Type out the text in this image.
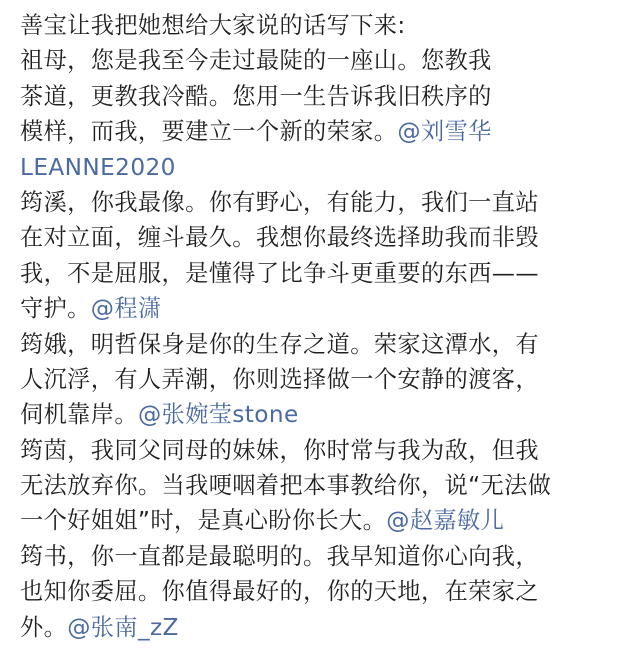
善宝让我把她想给大家说的话写下来:
祖母，您是我至今走过最陡的一座山。您教我
茶道，更教我冷酷。您用一生告诉我旧秩序的
模样，而我，要建立一个新的荣家。@刘雪华
LEANNE2020
筠溪，你我最像。你有野心，有能力，我们一直站
在对立面，缠斗最久。我想你最终选择助我而非毁
我，不是屈服，是懂得了比争斗更重要的东西——
守护。@程潇
筠娥，明哲保身是你的生存之道。荣家这潭水，有
人沉浮，有人弄潮，你则选择做一个安静的渡客，
伺机靠岸。@张婉莹stone
筠茵，我同父同母的妹妹，你时常与我为敌，但我
无法放弃你。当我哽咽着把本事教给你，说“无法做
一个好姐姐”时，是真心盼你长大。@赵嘉敏儿
筠书，你一直都是最聪明的。我早知道你心向我，
也知你委屈。你值得最好的，你的天地，在荣家之
外。@张南_zZ
